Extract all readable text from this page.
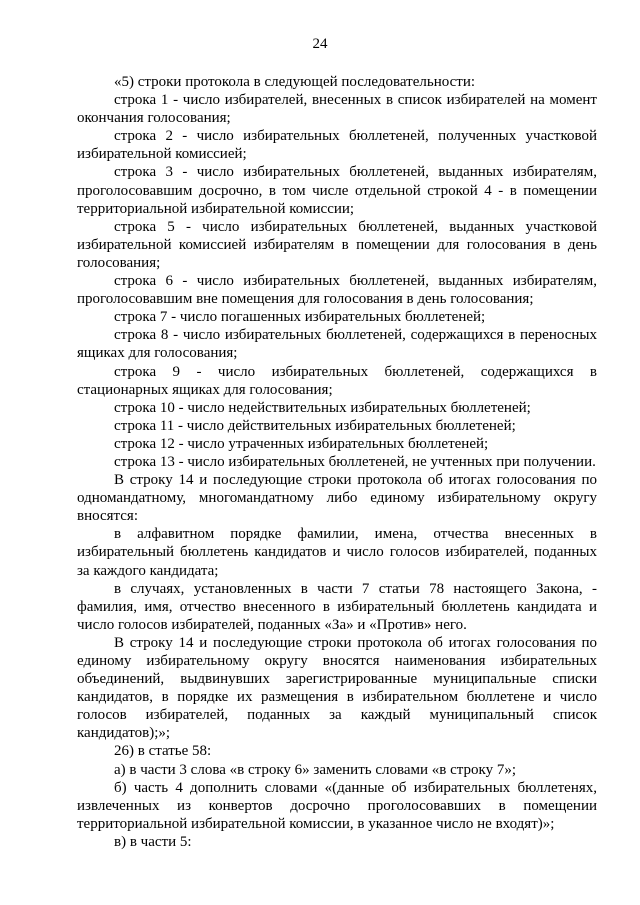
24

«5) строки протокола в следующей последовательности:

строка 1 - число избирателей, внесенных в список избирателей на момент окончания голосования;

строка 2 - число избирательных бюллетеней, полученных участковой избирательной комиссией;

строка 3 - число избирательных бюллетеней, выданных избирателям, проголосовавшим досрочно, в том числе отдельной строкой 4 - в помещении территориальной избирательной комиссии;

строка 5 - число избирательных бюллетеней, выданных участковой избирательной комиссией избирателям в помещении для голосования в день голосования;

строка 6 - число избирательных бюллетеней, выданных избирателям, проголосовавшим вне помещения для голосования в день голосования;

строка 7 - число погашенных избирательных бюллетеней;

строка 8 - число избирательных бюллетеней, содержащихся в переносных ящиках для голосования;

строка 9 - число избирательных бюллетеней, содержащихся в стационарных ящиках для голосования;

строка 10 - число недействительных избирательных бюллетеней;

строка 11 - число действительных избирательных бюллетеней;

строка 12 - число утраченных избирательных бюллетеней;

строка 13 - число избирательных бюллетеней, не учтенных при получении.

В строку 14 и последующие строки протокола об итогах голосования по одномандатному, многомандатному либо единому избирательному округу вносятся:

в алфавитном порядке фамилии, имена, отчества внесенных в избирательный бюллетень кандидатов и число голосов избирателей, поданных за каждого кандидата;

в случаях, установленных в части 7 статьи 78 настоящего Закона, - фамилия, имя, отчество внесенного в избирательный бюллетень кандидата и число голосов избирателей, поданных «За» и «Против» него.

В строку 14 и последующие строки протокола об итогах голосования по единому избирательному округу вносятся наименования избирательных объединений, выдвинувших зарегистрированные муниципальные списки кандидатов, в порядке их размещения в избирательном бюллетене и число голосов избирателей, поданных за каждый муниципальный список кандидатов);»;

26) в статье 58:

а) в части 3 слова «в строку 6» заменить словами «в строку 7»;

б) часть 4 дополнить словами «(данные об избирательных бюллетенях, извлеченных из конвертов досрочно проголосовавших в помещении территориальной избирательной комиссии, в указанное число не входят)»;

в) в части 5:
